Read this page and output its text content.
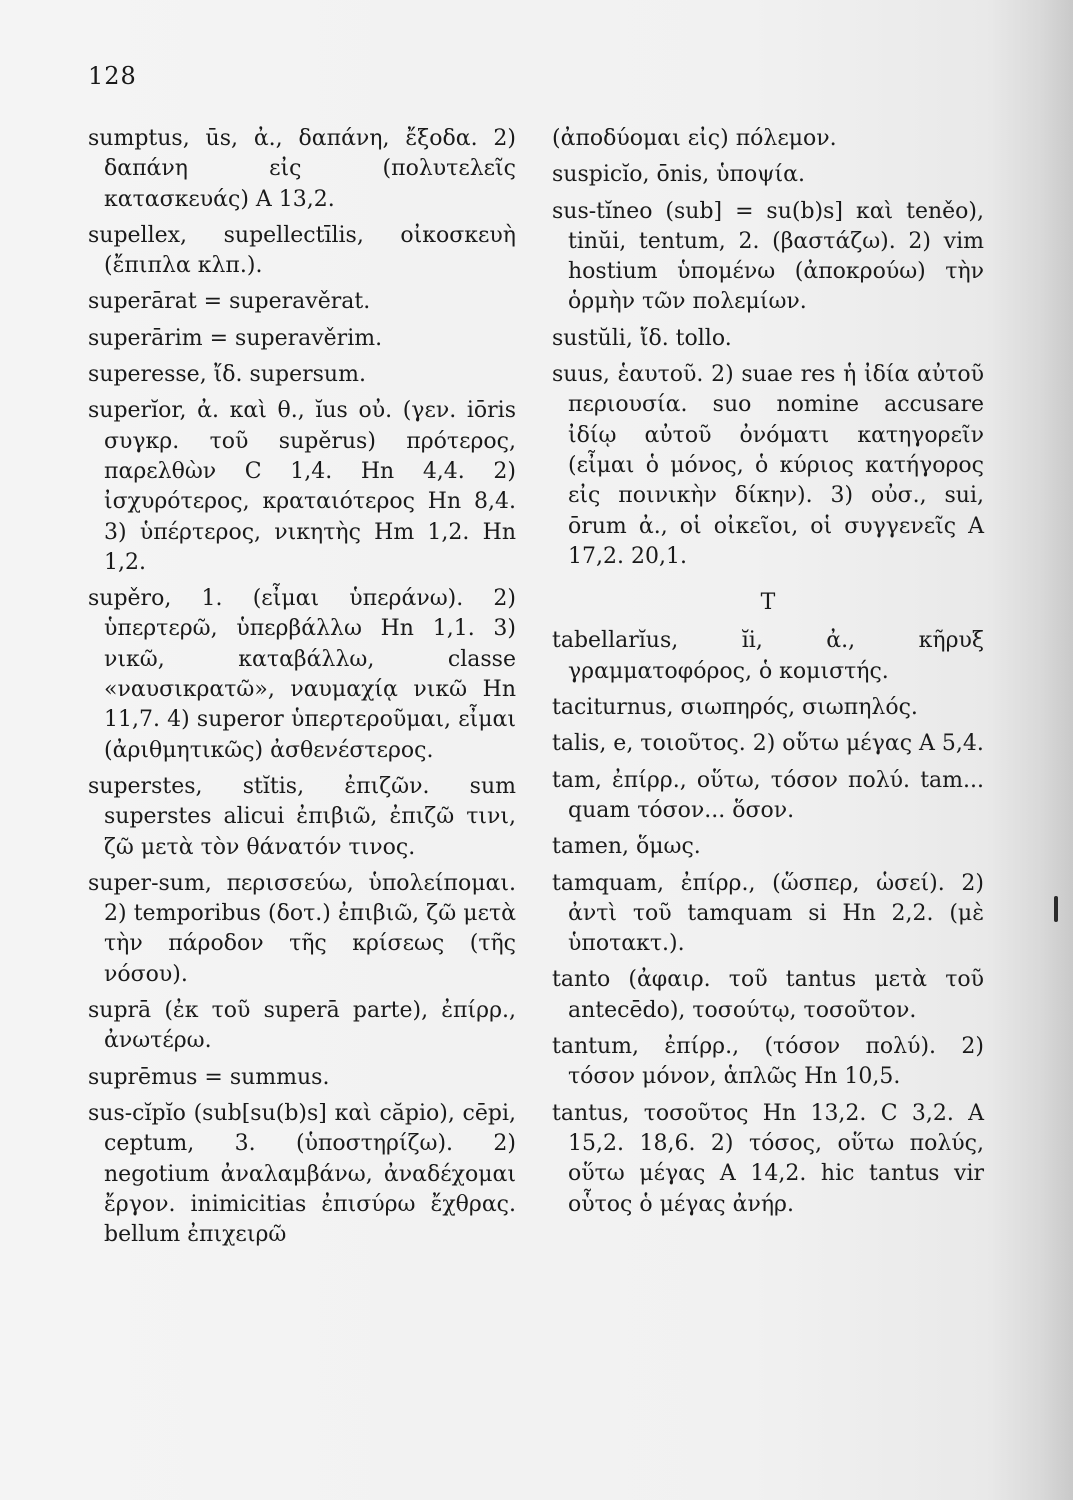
128

sumptus, ūs, ἀ., δαπάνη, ἔξοδα. 2) δαπάνη εἰς (πολυτελεῖς κατασκευάς) A 13,2.

supellex, supellectīlis, οἰκοσκευὴ (ἔπιπλα κλπ.).

superārat = superavěrat.

superārim = superavěrim.

superesse, ἴδ. supersum.

superĭor, ἀ. καὶ θ., ĭus οὐ. (γεν. iōris συγκρ. τοῦ supěrus) πρότερος, παρελθὼν C 1,4. Hn 4,4. 2) ἰσχυρότερος, κραταιότερος Hn 8,4. 3) ὑπέρτερος, νικητὴς Hm 1,2. Hn 1,2.

supěro, 1. (εἶμαι ὑπεράνω). 2) ὑπερτερῶ, ὑπερβάλλω Hn 1,1. 3) νικῶ, καταβάλλω, classe «ναυσικρατῶ», ναυμαχίᾳ νικῶ Hn 11,7. 4) superor ὑπερτεροῦμαι, εἶμαι (ἀριθμητικῶς) ἀσθενέστερος.

superstes, stĭtis, ἐπιζῶν. sum superstes alicui ἐπιβιῶ, ἐπιζῶ τινι, ζῶ μετὰ τὸν θάνατόν τινος.

super-sum, περισσεύω, ὑπολείπομαι. 2) temporibus (δοτ.) ἐπιβιῶ, ζῶ μετὰ τὴν πάροδον τῆς κρίσεως (τῆς νόσου).

suprā (ἐκ τοῦ superā parte), ἐπίρρ., ἀνωτέρω.

suprēmus = summus.

sus-cĭpĭo (sub[su(b)s] καὶ căpio), cēpi, ceptum, 3. (ὑποστηρίζω). 2) negotium ἀναλαμβάνω, ἀναδέχομαι ἔργον. inimicitias ἐπισύρω ἔχθρας. bellum ἐπιχειρῶ

(ἀποδύομαι εἰς) πόλεμον.

suspicĭo, ōnis, ὑποψία.

sus-tĭneo (sub] = su(b)s] καὶ teněo), tinŭi, tentum, 2. (βαστάζω). 2) vim hostium ὑπομένω (ἀποκρούω) τὴν ὁρμὴν τῶν πολεμίων.

sustŭli, ἴδ. tollo.

suus, ἑαυτοῦ. 2) suae res ἡ ἰδία αὐτοῦ περιουσία. suo nomine accusare ἰδίῳ αὐτοῦ ὀνόματι κατηγορεῖν (εἶμαι ὁ μόνος, ὁ κύριος κατήγορος εἰς ποινικὴν δίκην). 3) οὐσ., sui, ōrum ἀ., οἱ οἰκεῖοι, οἱ συγγενεῖς A 17,2. 20,1.

T

tabellarĭus, ĭi, ἀ., κῆρυξ γραμματοφόρος, ὁ κομιστής.

taciturnus, σιωπηρός, σιωπηλός.

talis, e, τοιοῦτος. 2) οὕτω μέγας A 5,4.

tam, ἐπίρρ., οὕτω, τόσον πολύ. tam... quam τόσον... ὅσον.

tamen, ὅμως.

tamquam, ἐπίρρ., (ὥσπερ, ὡσεί). 2) ἀντὶ τοῦ tamquam si Hn 2,2. (μὲ ὑποτακτ.).

tanto (ἀφαιρ. τοῦ tantus μετὰ τοῦ antecēdo), τοσούτῳ, τοσοῦτον.

tantum, ἐπίρρ., (τόσον πολύ). 2) τόσον μόνον, ἁπλῶς Hn 10,5.

tantus, τοσοῦτος Hn 13,2. C 3,2. A 15,2. 18,6. 2) τόσος, οὕτω πολύς, οὕτω μέγας A 14,2. hic tantus vir οὗτος ὁ μέγας ἀνήρ.
